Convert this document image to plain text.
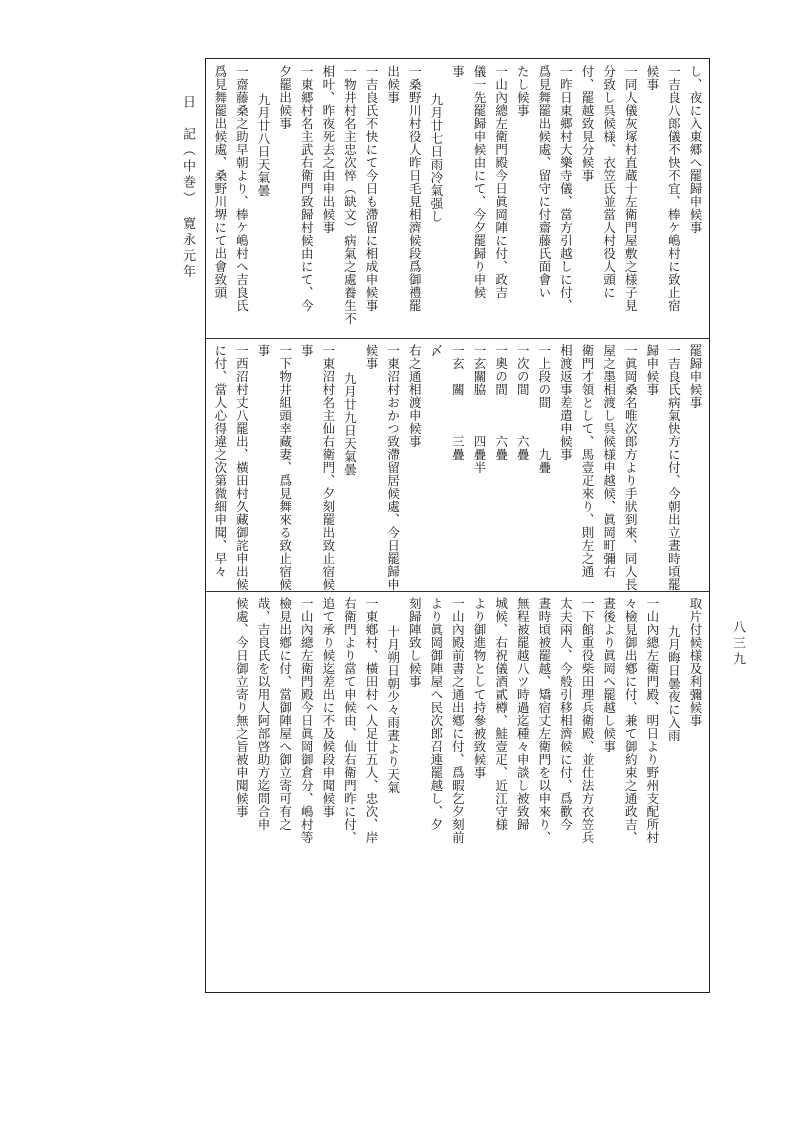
日　記（中巻）　寛永元年
八三九
し、夜に入東郷へ罷歸申候事
一吉良八郎儀不快不宜、棒ケ嶋村に致止宿
候事
一同人儀灰塚村直蔵十左衛門屋敷之様子見
分致し呉候様、衣笠氏並當人村役人頭に
付、罷越致見分候事
一昨日東郷村大樂寺儀、當方引越しに付、
爲見舞罷出候處、留守に付齋藤氏面會い
たし候事
一山內總左衛門殿今日眞岡陣に付、政吉
儀一先罷歸申候由にて、今夕罷歸り申候
事
九月廿七日雨冷氣强し
一桑野川村役人昨日毛見相濟候段爲御禮罷
出候事
一吉良氏不快にて今日も滯留に相成申候事
一物井村名主忠次悴（缺文）病氣之處養生不
相叶、昨夜死去之由申出候事
一東郷村名主武右衛門致歸村候由にて、今
夕罷出候事
九月廿八日天氣曇
一齋藤桑之助早朝より、棒ケ嶋村へ吉良氏
爲見舞罷出候處、桑野川堺にて出會致頭
罷歸申候事
一吉良氏病氣快方に付、今朝出立晝時頃罷
歸申候事
一眞岡桑名唯次郎方より手狀到來、同人長
屋之墨相渡し呉候様申越候、眞岡町彌右
衛門才領として、馬壹疋來り、則左之通
相渡返事差遣申候事
一上段の間　　　九疊
一次の間　　　六疊
一奧の間　　　六疊
一玄關脇　　　四疊半
一玄　關　　　三疊
〆
右之通相渡申候事
一東沼村おかつ致滯留居候處、今日罷歸申
候事
九月廿九日天氣曇
一東沼村名主仙右衛門、夕刻罷出致止宿候
事
一下物井組頭幸藏妻、爲見舞來る致止宿候
事
一西沼村丈八罷出、橫田村久藏御詫申出候
に付、當人心得違之次第微細申聞、早々
取片付候様及利彌候事
九月晦日曇夜に入雨
一山內總左衛門殿、明日より野州支配所村
々檢見御出鄕に付、兼て御約束之通政吉、
晝後より眞岡へ罷越し候事
一下館重役柴田理兵衛殿、並仕法方衣笠兵
太夫兩人、今般引移相濟候に付、爲歡今
晝時頃被罷越、矯宿丈左衛門を以申來り、
無程被罷越八ツ時過迄種々申談し被致歸
城候、右祝儀酒貳樽、鮭壹疋、近江守様
より御進物として持參被致候事
一山內殿前書之通出鄕に付、爲暇乞夕刻前
より眞岡御陣屋へ民次郎召連罷越し、夕
刻歸陣致し候事
十月朔日朝少々雨晝より天氣
一東鄕村、橫田村へ人足廿五人、忠次、岸
右衛門より當て申候由、仙右衛門昨に付、
追て承り候迄差出に不及候段申聞候事
一山內總左衛門殿今日眞岡御倉分、嶋村等
檢見出鄕に付、當御陣屋へ御立寄可有之
哉、吉良氏を以用人阿部啓助方迄問合申
候處、今日御立寄り無之旨被申聞候事
